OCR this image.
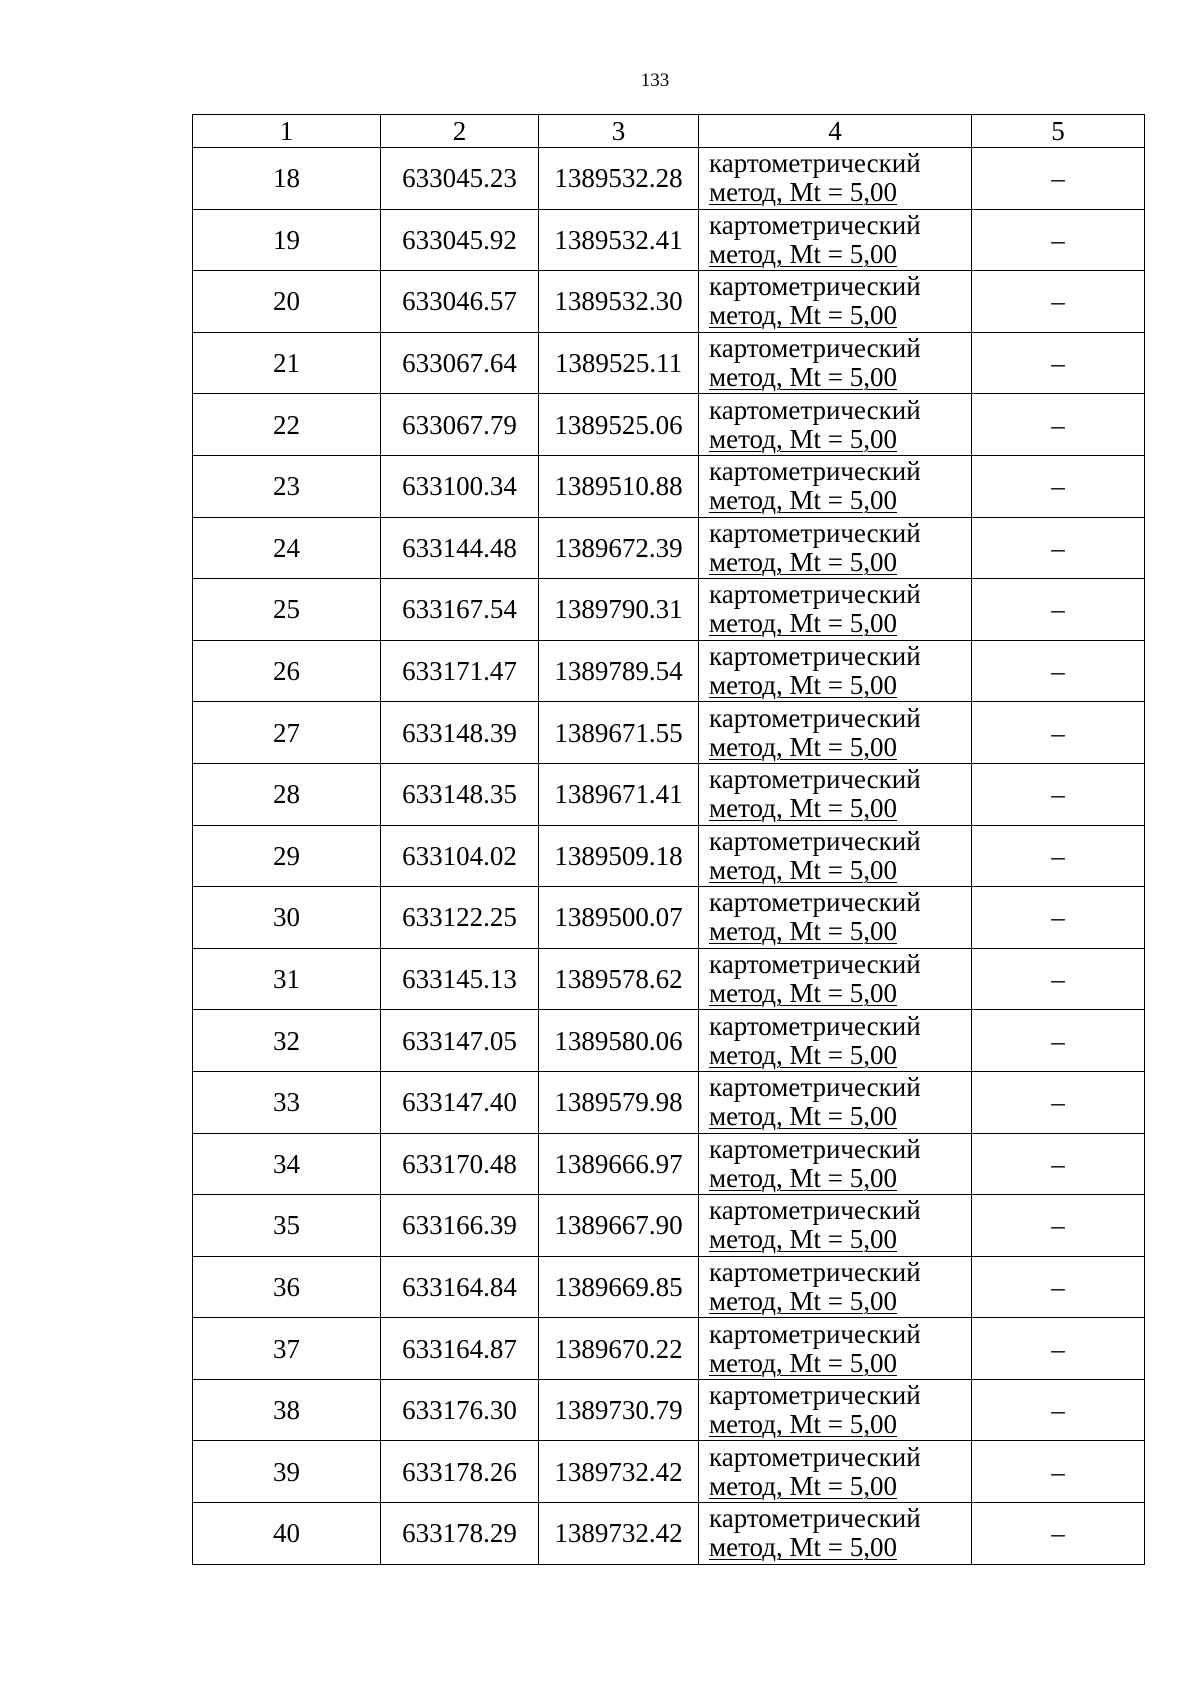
133
1	2	3	4	5
18	633045.23	1389532.28	картометрический
метод, Mt = 5,00	–
19	633045.92	1389532.41	картометрический
метод, Mt = 5,00	–
20	633046.57	1389532.30	картометрический
метод, Mt = 5,00	–
21	633067.64	1389525.11	картометрический
метод, Mt = 5,00	–
22	633067.79	1389525.06	картометрический
метод, Mt = 5,00	–
23	633100.34	1389510.88	картометрический
метод, Mt = 5,00	–
24	633144.48	1389672.39	картометрический
метод, Mt = 5,00	–
25	633167.54	1389790.31	картометрический
метод, Mt = 5,00	–
26	633171.47	1389789.54	картометрический
метод, Mt = 5,00	–
27	633148.39	1389671.55	картометрический
метод, Mt = 5,00	–
28	633148.35	1389671.41	картометрический
метод, Mt = 5,00	–
29	633104.02	1389509.18	картометрический
метод, Mt = 5,00	–
30	633122.25	1389500.07	картометрический
метод, Mt = 5,00	–
31	633145.13	1389578.62	картометрический
метод, Mt = 5,00	–
32	633147.05	1389580.06	картометрический
метод, Mt = 5,00	–
33	633147.40	1389579.98	картометрический
метод, Mt = 5,00	–
34	633170.48	1389666.97	картометрический
метод, Mt = 5,00	–
35	633166.39	1389667.90	картометрический
метод, Mt = 5,00	–
36	633164.84	1389669.85	картометрический
метод, Mt = 5,00	–
37	633164.87	1389670.22	картометрический
метод, Mt = 5,00	–
38	633176.30	1389730.79	картометрический
метод, Mt = 5,00	–
39	633178.26	1389732.42	картометрический
метод, Mt = 5,00	–
40	633178.29	1389732.42	картометрический
метод, Mt = 5,00	–
